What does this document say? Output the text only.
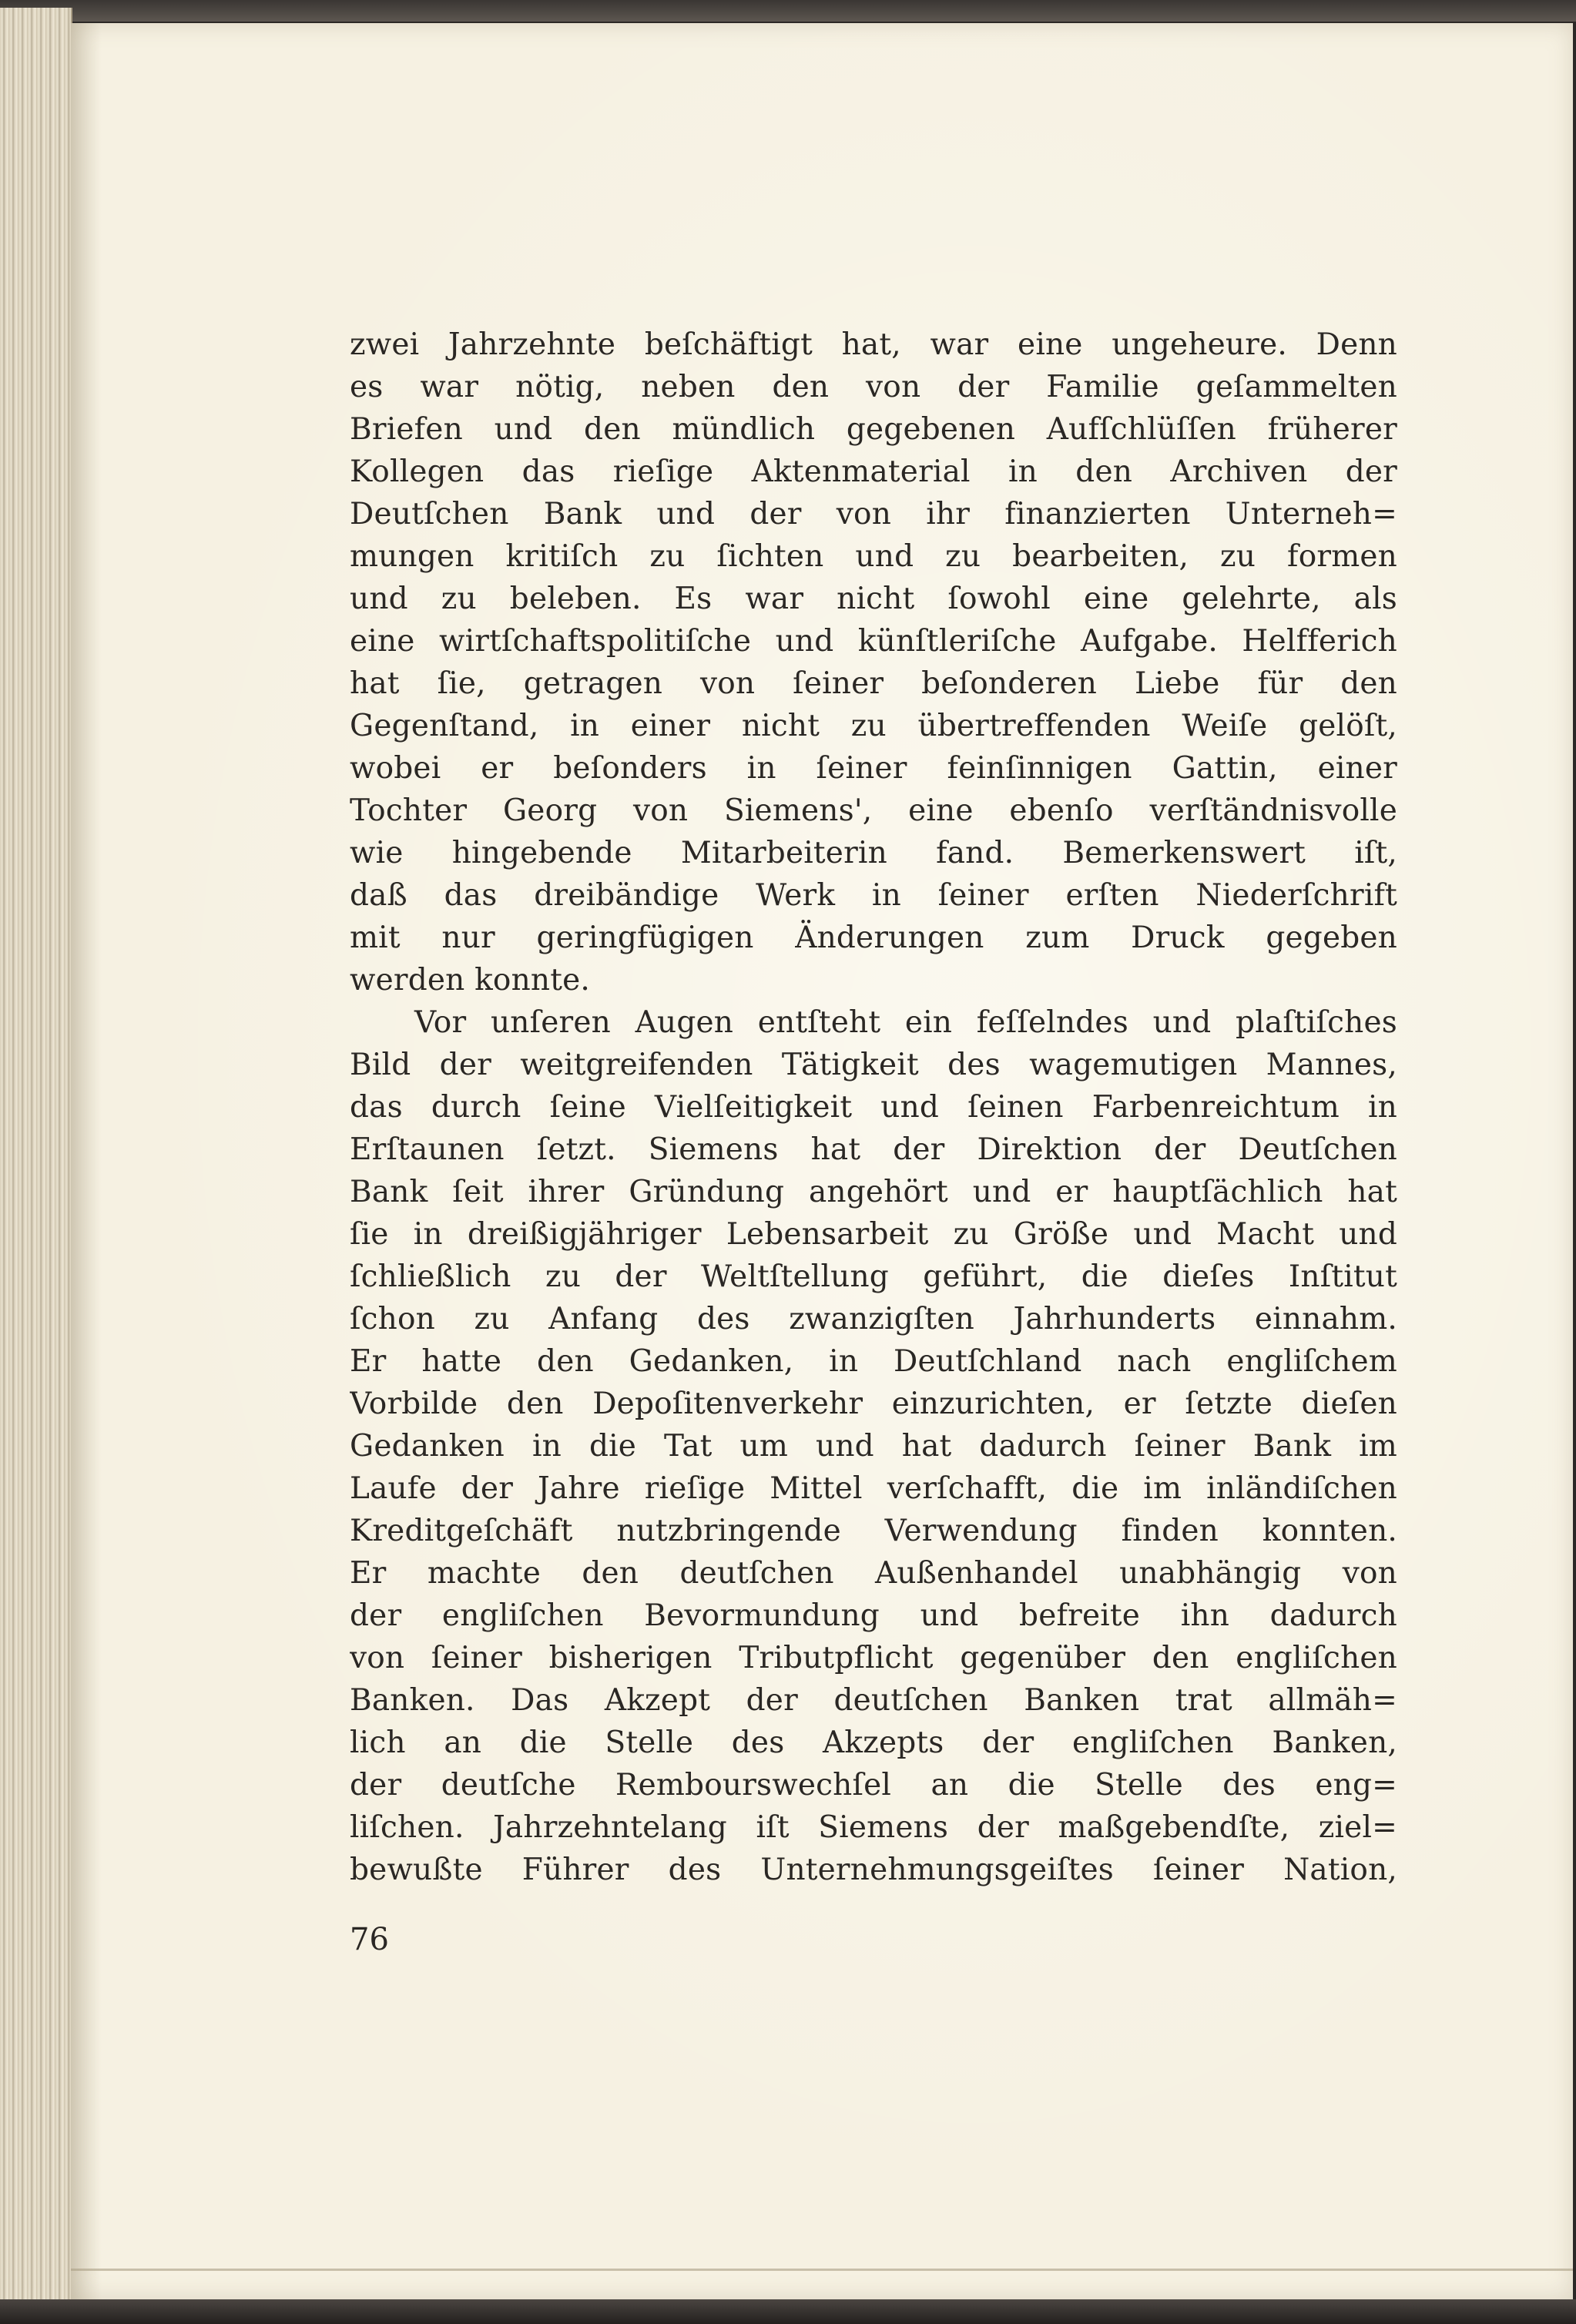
zwei Jahrzehnte beſchäftigt hat, war eine ungeheure. Denn
es war nötig, neben den von der Familie geſammelten
Briefen und den mündlich gegebenen Aufſchlüſſen früherer
Kollegen das rieſige Aktenmaterial in den Archiven der
Deutſchen Bank und der von ihr finanzierten Unterneh=
mungen kritiſch zu ſichten und zu bearbeiten, zu formen
und zu beleben. Es war nicht ſowohl eine gelehrte, als
eine wirtſchaftspolitiſche und künſtleriſche Aufgabe. Helfferich
hat ſie, getragen von ſeiner beſonderen Liebe für den
Gegenſtand, in einer nicht zu übertreffenden Weiſe gelöſt,
wobei er beſonders in ſeiner feinſinnigen Gattin, einer
Tochter Georg von Siemens', eine ebenſo verſtändnisvolle
wie hingebende Mitarbeiterin fand. Bemerkenswert iſt,
daß das dreibändige Werk in ſeiner erſten Niederſchrift
mit nur geringfügigen Änderungen zum Druck gegeben
werden konnte.
Vor unſeren Augen entſteht ein feſſelndes und plaſtiſches
Bild der weitgreifenden Tätigkeit des wagemutigen Mannes,
das durch ſeine Vielſeitigkeit und ſeinen Farbenreichtum in
Erſtaunen ſetzt. Siemens hat der Direktion der Deutſchen
Bank ſeit ihrer Gründung angehört und er hauptſächlich hat
ſie in dreißigjähriger Lebensarbeit zu Größe und Macht und
ſchließlich zu der Weltſtellung geführt, die dieſes Inſtitut
ſchon zu Anfang des zwanzigſten Jahrhunderts einnahm.
Er hatte den Gedanken, in Deutſchland nach engliſchem
Vorbilde den Depoſitenverkehr einzurichten, er ſetzte dieſen
Gedanken in die Tat um und hat dadurch ſeiner Bank im
Laufe der Jahre rieſige Mittel verſchafft, die im inländiſchen
Kreditgeſchäft nutzbringende Verwendung finden konnten.
Er machte den deutſchen Außenhandel unabhängig von
der engliſchen Bevormundung und befreite ihn dadurch
von ſeiner bisherigen Tributpflicht gegenüber den engliſchen
Banken. Das Akzept der deutſchen Banken trat allmäh=
lich an die Stelle des Akzepts der engliſchen Banken,
der deutſche Rembourswechſel an die Stelle des eng=
liſchen. Jahrzehntelang iſt Siemens der maßgebendſte, ziel=
bewußte Führer des Unternehmungsgeiſtes ſeiner Nation,
76
